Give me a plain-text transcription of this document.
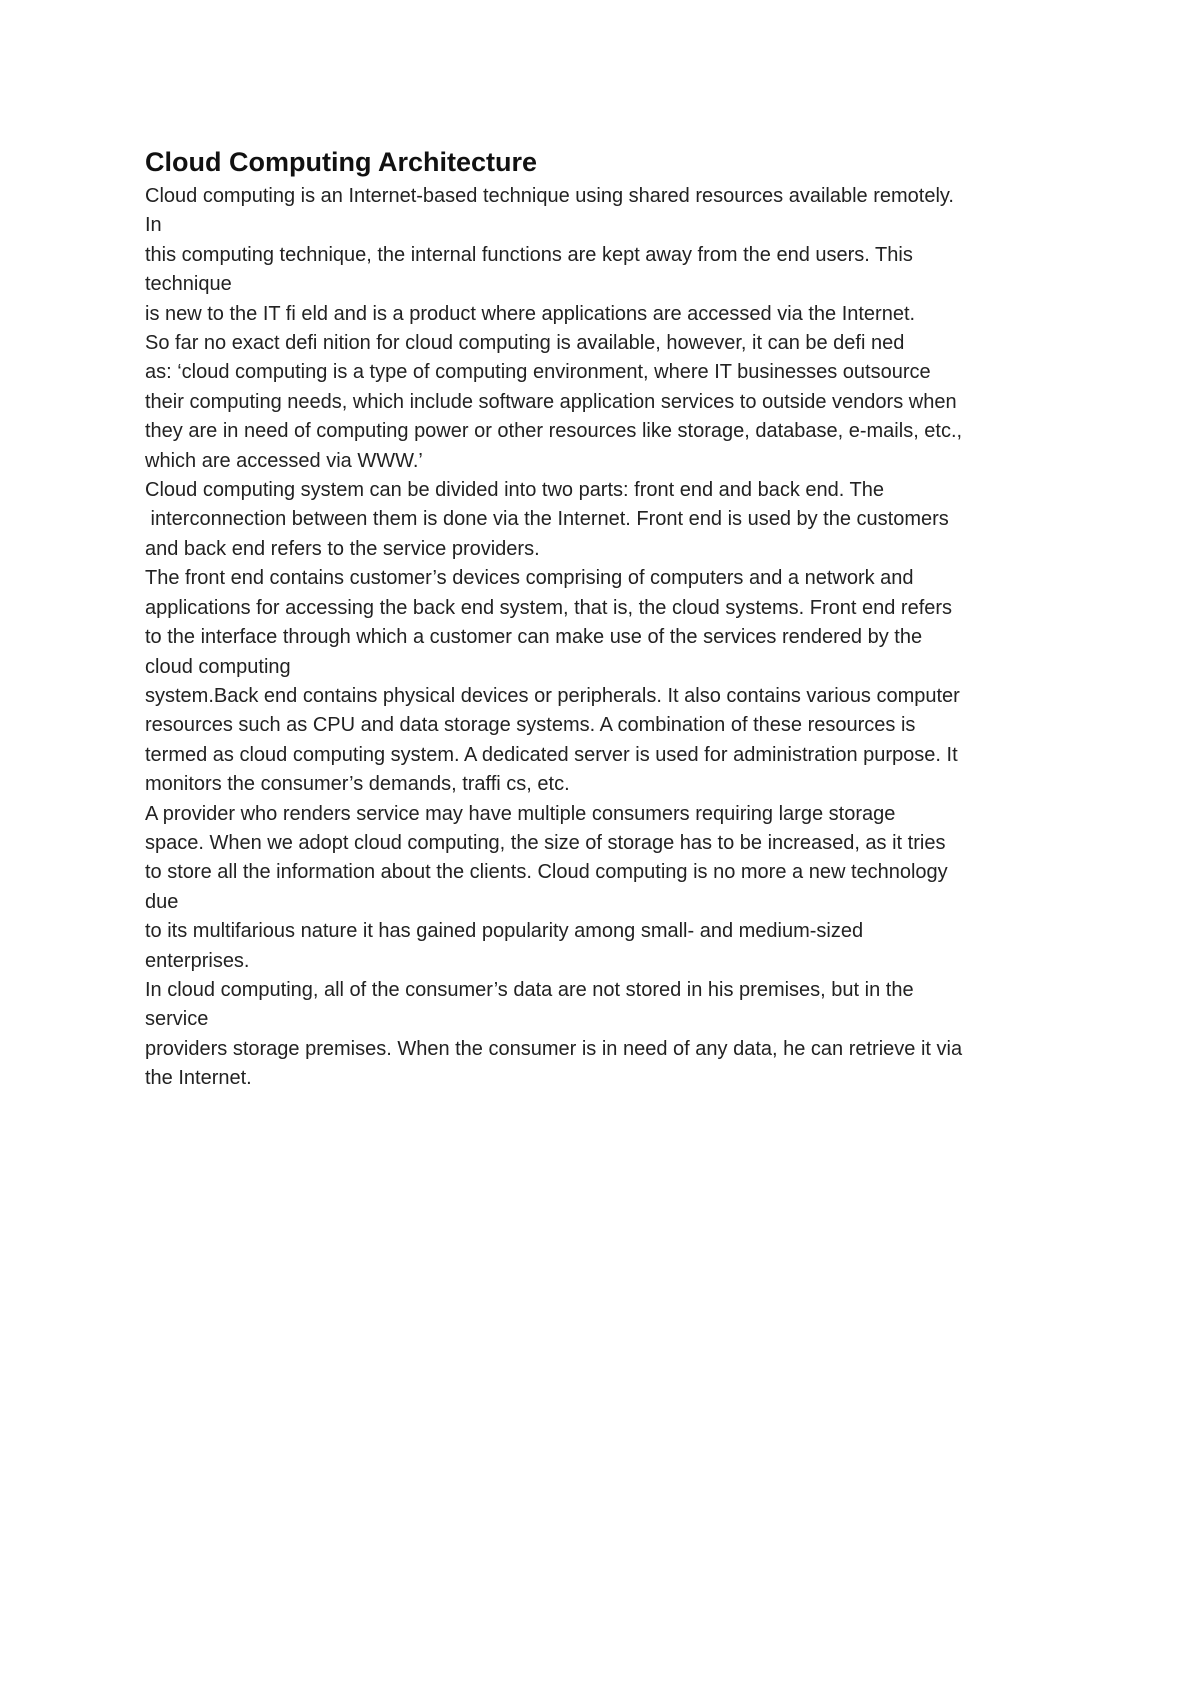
Cloud Computing Architecture
Cloud computing is an Internet-based technique using shared resources available remotely.
In
this computing technique, the internal functions are kept away from the end users. This
technique
is new to the IT fi eld and is a product where applications are accessed via the Internet.
So far no exact defi nition for cloud computing is available, however, it can be defi ned
as: ‘cloud computing is a type of computing environment, where IT businesses outsource
their computing needs, which include software application services to outside vendors when
they are in need of computing power or other resources like storage, database, e-mails, etc.,
which are accessed via WWW.’
Cloud computing system can be divided into two parts: front end and back end. The
interconnection between them is done via the Internet. Front end is used by the customers
and back end refers to the service providers.
The front end contains customer’s devices comprising of computers and a network and
applications for accessing the back end system, that is, the cloud systems. Front end refers
to the interface through which a customer can make use of the services rendered by the
cloud computing
system.Back end contains physical devices or peripherals. It also contains various computer
resources such as CPU and data storage systems. A combination of these resources is
termed as cloud computing system. A dedicated server is used for administration purpose. It
monitors the consumer’s demands, traffi cs, etc.
A provider who renders service may have multiple consumers requiring large storage
space. When we adopt cloud computing, the size of storage has to be increased, as it tries
to store all the information about the clients. Cloud computing is no more a new technology
due
to its multifarious nature it has gained popularity among small- and medium-sized
enterprises.
In cloud computing, all of the consumer’s data are not stored in his premises, but in the
service
providers storage premises. When the consumer is in need of any data, he can retrieve it via
the Internet.
